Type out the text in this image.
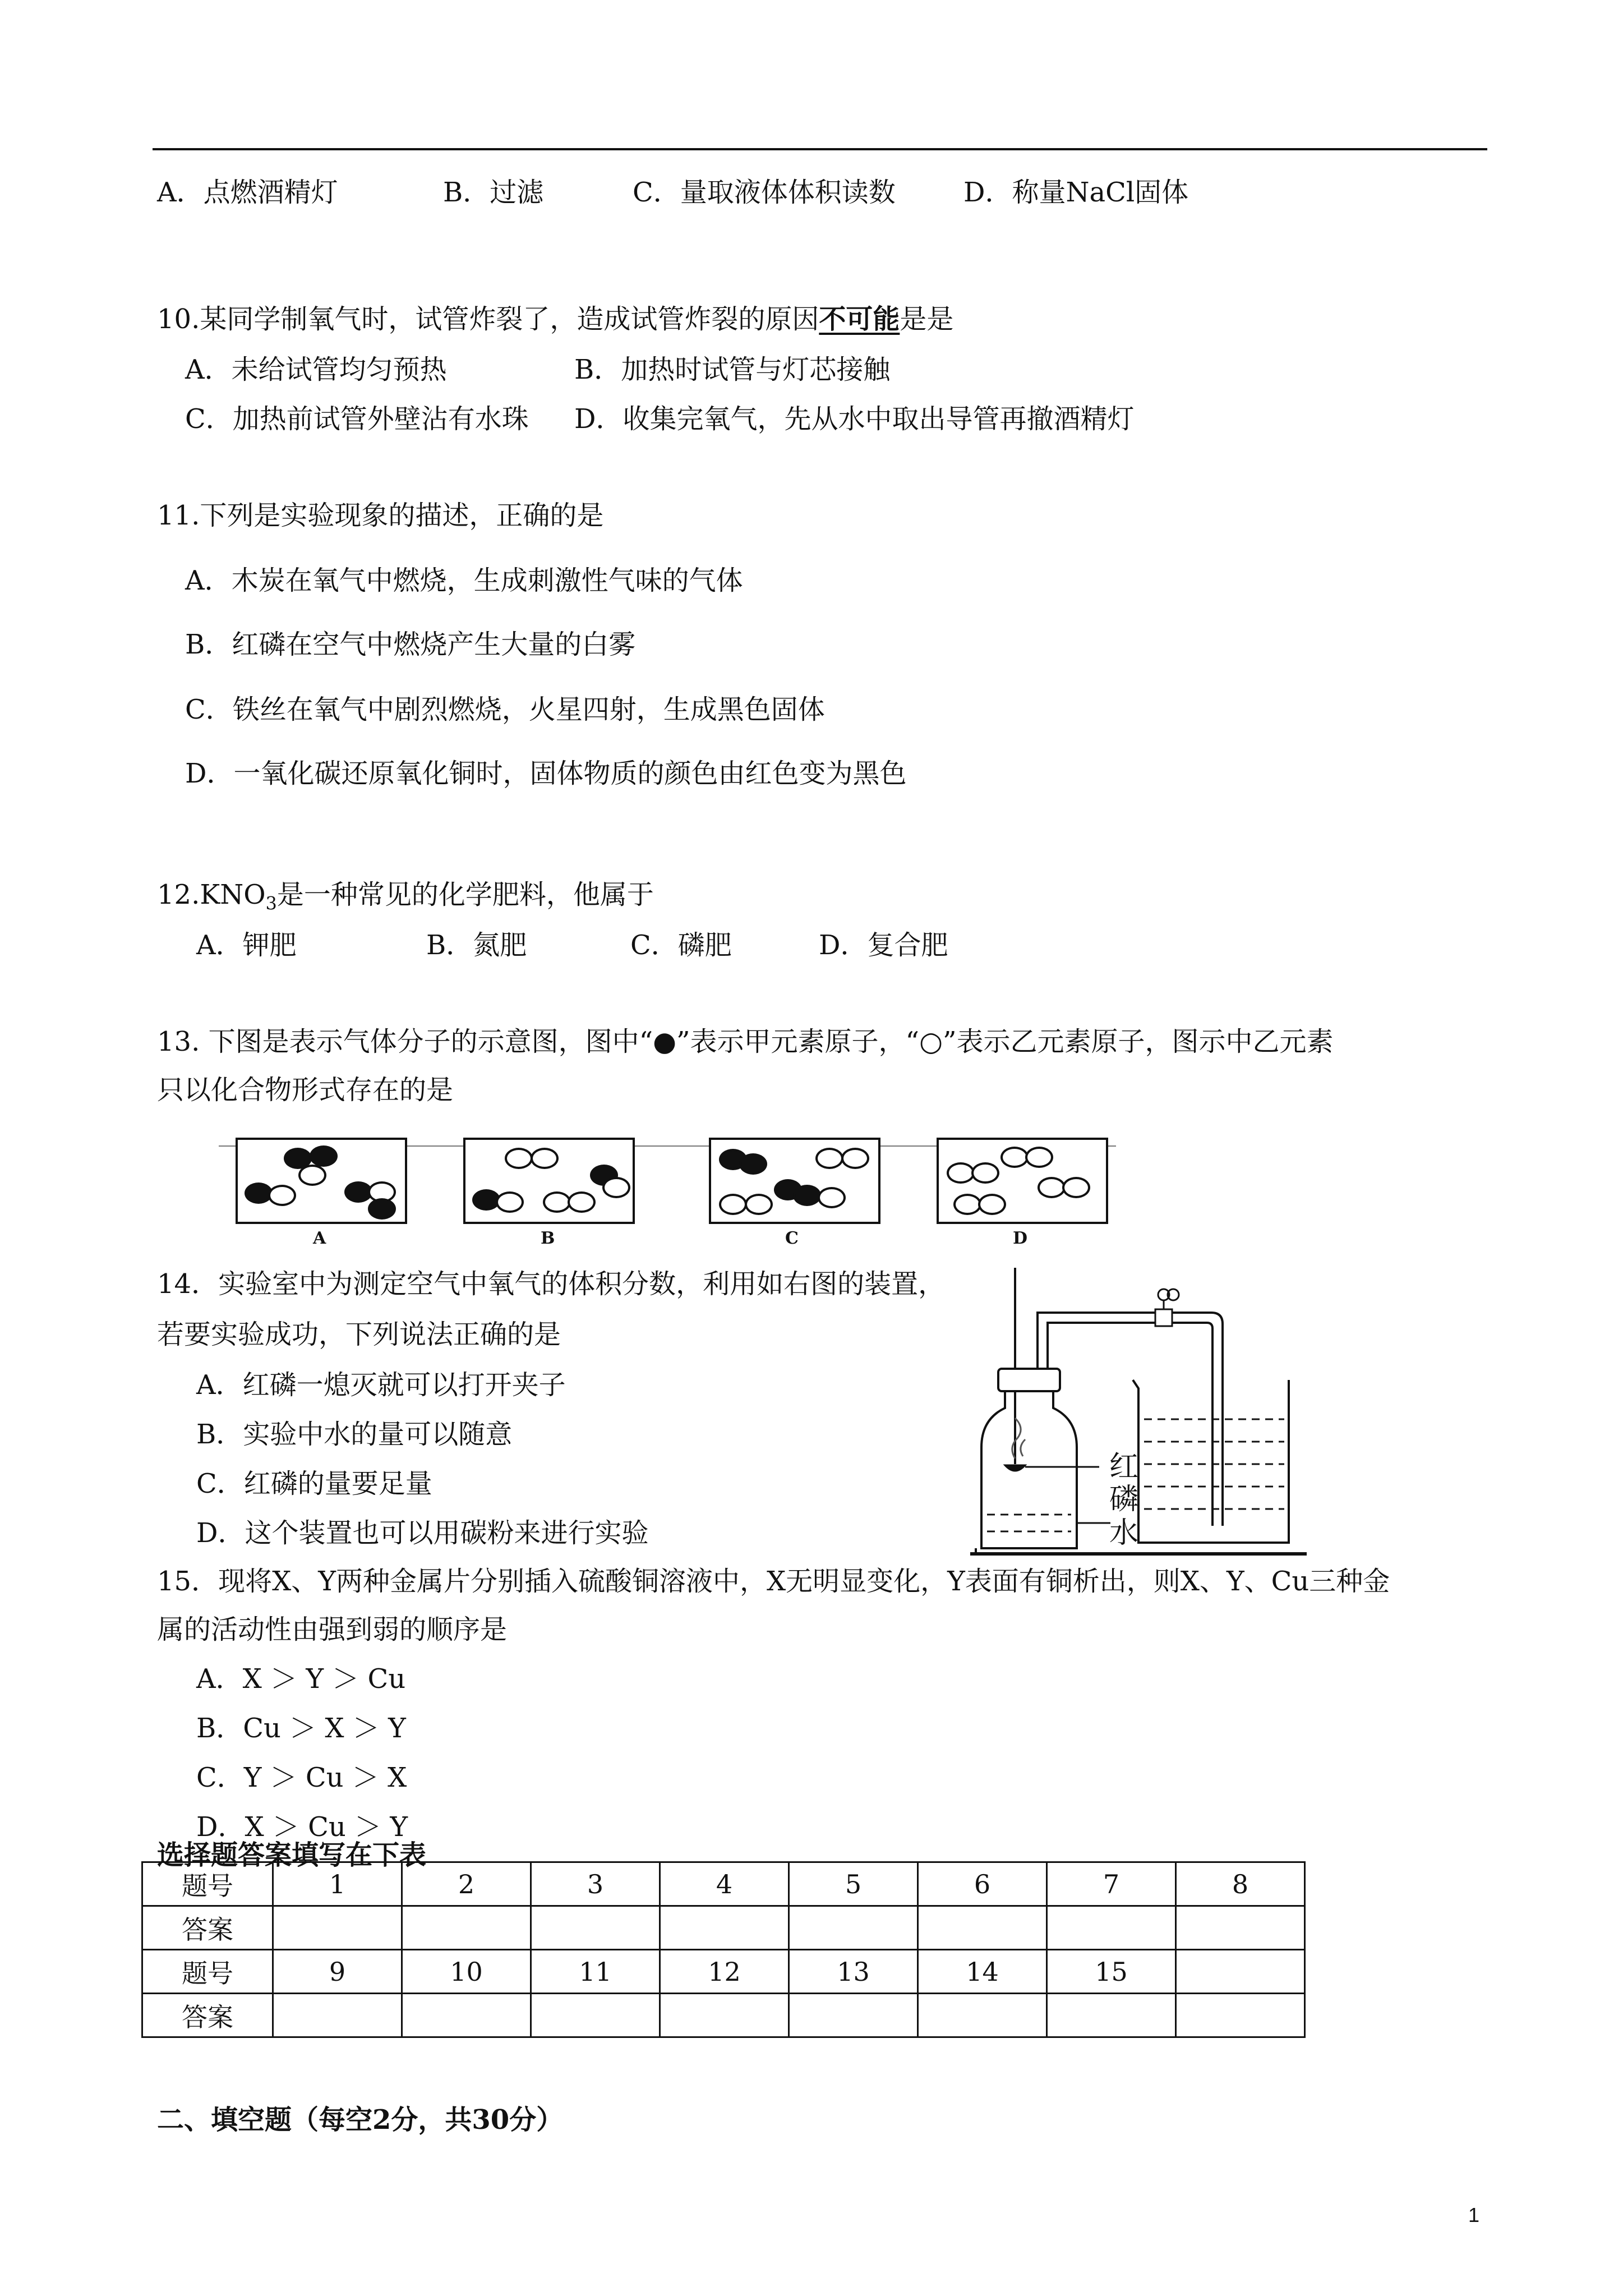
A．点燃酒精灯	B．过滤	C．量取液体体积读数	D．称量NaCl固体
10.某同学制氧气时，试管炸裂了，造成试管炸裂的原因不可能是是
A．未给试管均匀预热	B．加热时试管与灯芯接触
C．加热前试管外壁沾有水珠 D．收集完氧气，先从水中取出导管再撤酒精灯
11.下列是实验现象的描述，正确的是
A．木炭在氧气中燃烧，生成刺激性气味的气体
B．红磷在空气中燃烧产生大量的白雾
C．铁丝在氧气中剧烈燃烧，火星四射，生成黑色固体
D．一氧化碳还原氧化铜时，固体物质的颜色由红色变为黑色
$12.KNO_3$是一种常见的化学肥料，他属于
A．钾肥	B．氮肥	C．磷肥	D．复合肥
13. 下图是表示气体分子的示意图，图中“●”表示甲元素原子，“○”表示乙元素原子，图示中乙元素
只以化合物形式存在的是
A	B	C	D
14．实验室中为测定空气中氧气的体积分数，利用如右图的装置，
若要实验成功，下列说法正确的是
A．红磷一熄灭就可以打开夹子
B．实验中水的量可以随意
C．红磷的量要足量
D．这个装置也可以用碳粉来进行实验
红
磷
水
15．现将X、Y两种金属片分别插入硫酸铜溶液中，X无明显变化，Y表面有铜析出，则X、Y、Cu三种金
属的活动性由强到弱的顺序是
A．X ＞ Y ＞ Cu
B．Cu ＞ X ＞ Y
C．Y ＞ Cu ＞ X
D．X ＞ Cu ＞ Y
选择题答案填写在下表
题号	1	2	3	4	5	6	7	8
答案								
题号	9	10	11	12	13	14	15	
答案								
二、填空题（每空2分，共30分）
1
